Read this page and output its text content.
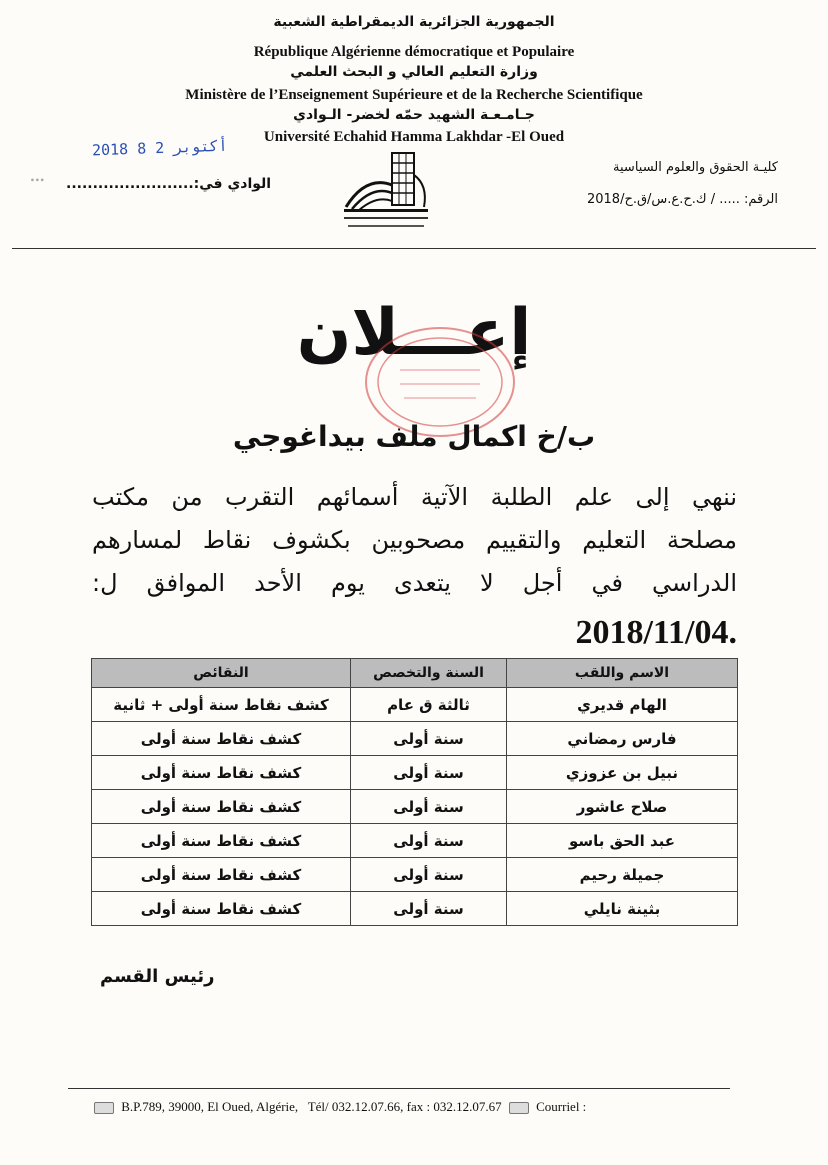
الجمهورية الجزائرية الديمقراطية الشعبية
République Algérienne démocratique et Populaire
وزارة التعليم العالي و البحث العلمي
Ministère de l’Enseignement Supérieure et de la Recherche Scientifique
جـامـعـة الشهيد حمّه لخضر- الـوادي
Université Echahid Hamma Lakhdar -El Oued
2018 أكتوبر 2 8
∙∙∙ الوادي في:........................
كليـة الحقوق والعلوم السياسية
الرقم: ..... / ك.ح.ع.س/ق.ح/2018
إعـــلان
ب/خ اكمال ملف بيداغوجي
ننهي إلى علم الطلبة الآتية أسمائهم التقرب من مكتب
مصلحة التعليم والتقييم مصحوبين بكشوف نقاط لمسارهم
الدراسي في أجل لا يتعدى يوم الأحد الموافق ل:
.2018/11/04
الاسم واللقب	السنة والتخصص	النقائص
الهام قديري	ثالثة ق عام	كشف نقاط سنة أولى + ثانية
فارس رمضاني	سنة أولى	كشف نقاط سنة أولى
نبيل بن عزوزي	سنة أولى	كشف نقاط سنة أولى
صلاح عاشور	سنة أولى	كشف نقاط سنة أولى
عبد الحق باسو	سنة أولى	كشف نقاط سنة أولى
جميلة رحيم	سنة أولى	كشف نقاط سنة أولى
بثينة نايلي	سنة أولى	كشف نقاط سنة أولى
رئيس القسم
B.P.789, 39000, El Oued, Algérie, Tél/ 032.12.07.66, fax : 032.12.07.67	Courriel :
